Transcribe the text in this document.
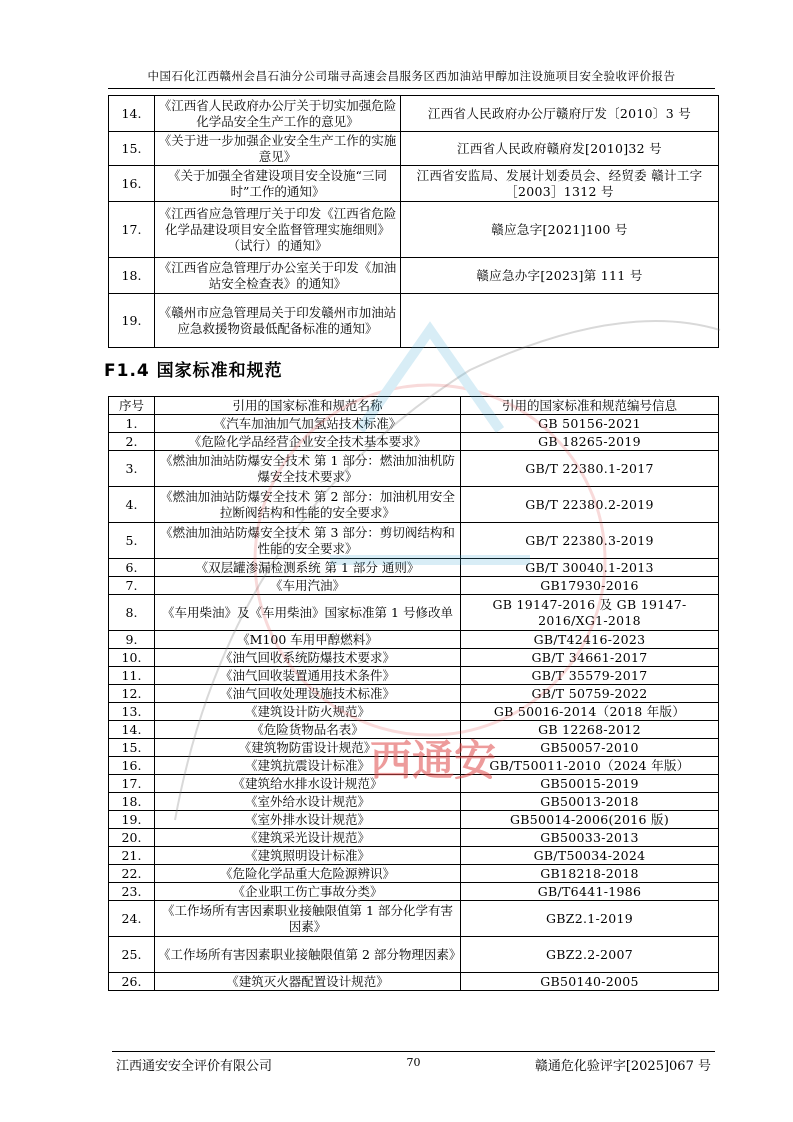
中国石化江西赣州会昌石油分公司瑞寻高速会昌服务区西加油站甲醇加注设施项目安全验收评价报告
14.	《江西省人民政府办公厅关于切实加强危险化学品安全生产工作的意见》	江西省人民政府办公厅赣府厅发〔2010〕3 号
15.	《关于进一步加强企业安全生产工作的实施意见》	江西省人民政府赣府发[2010]32 号
16.	《关于加强全省建设项目安全设施“三同时”工作的通知》	江西省安监局、发展计划委员会、经贸委 赣计工字［2003］1312 号
17.	《江西省应急管理厅关于印发《江西省危险化学品建设项目安全监督管理实施细则》（试行）的通知》	赣应急字[2021]100 号
18.	《江西省应急管理厅办公室关于印发《加油站安全检查表》的通知》	赣应急办字[2023]第 111 号
19.	《赣州市应急管理局关于印发赣州市加油站应急救援物资最低配备标准的通知》	
F1.4 国家标准和规范
序号	引用的国家标准和规范名称	引用的国家标准和规范编号信息
1.	《汽车加油加气加氢站技术标准》	GB 50156-2021
2.	《危险化学品经营企业安全技术基本要求》	GB 18265-2019
3.	《燃油加油站防爆安全技术 第 1 部分：燃油加油机防爆安全技术要求》	GB/T 22380.1-2017
4.	《燃油加油站防爆安全技术 第 2 部分：加油机用安全拉断阀结构和性能的安全要求》	GB/T 22380.2-2019
5.	《燃油加油站防爆安全技术 第 3 部分：剪切阀结构和性能的安全要求》	GB/T 22380.3-2019
6.	《双层罐渗漏检测系统 第 1 部分 通则》	GB/T 30040.1-2013
7.	《车用汽油》	GB17930-2016
8.	《车用柴油》及《车用柴油》国家标准第 1 号修改单	GB 19147-2016 及 GB 19147-2016/XG1-2018
9.	《M100 车用甲醇燃料》	GB/T42416-2023
10.	《油气回收系统防爆技术要求》	GB/T 34661-2017
11.	《油气回收装置通用技术条件》	GB/T 35579-2017
12.	《油气回收处理设施技术标准》	GB/T 50759-2022
13.	《建筑设计防火规范》	GB 50016-2014（2018 年版）
14.	《危险货物品名表》	GB 12268-2012
15.	《建筑物防雷设计规范》	GB50057-2010
16.	《建筑抗震设计标准》	GB/T50011-2010（2024 年版）
17.	《建筑给水排水设计规范》	GB50015-2019
18.	《室外给水设计规范》	GB50013-2018
19.	《室外排水设计规范》	GB50014-2006(2016 版)
20.	《建筑采光设计规范》	GB50033-2013
21.	《建筑照明设计标准》	GB/T50034-2024
22.	《危险化学品重大危险源辨识》	GB18218-2018
23.	《企业职工伤亡事故分类》	GB/T6441-1986
24.	《工作场所有害因素职业接触限值第 1 部分化学有害因素》	GBZ2.1-2019
25.	《工作场所有害因素职业接触限值第 2 部分物理因素》	GBZ2.2-2007
26.	《建筑灭火器配置设计规范》	GB50140-2005
西通安
江西通安安全评价有限公司	70	赣通危化验评字[2025]067 号
